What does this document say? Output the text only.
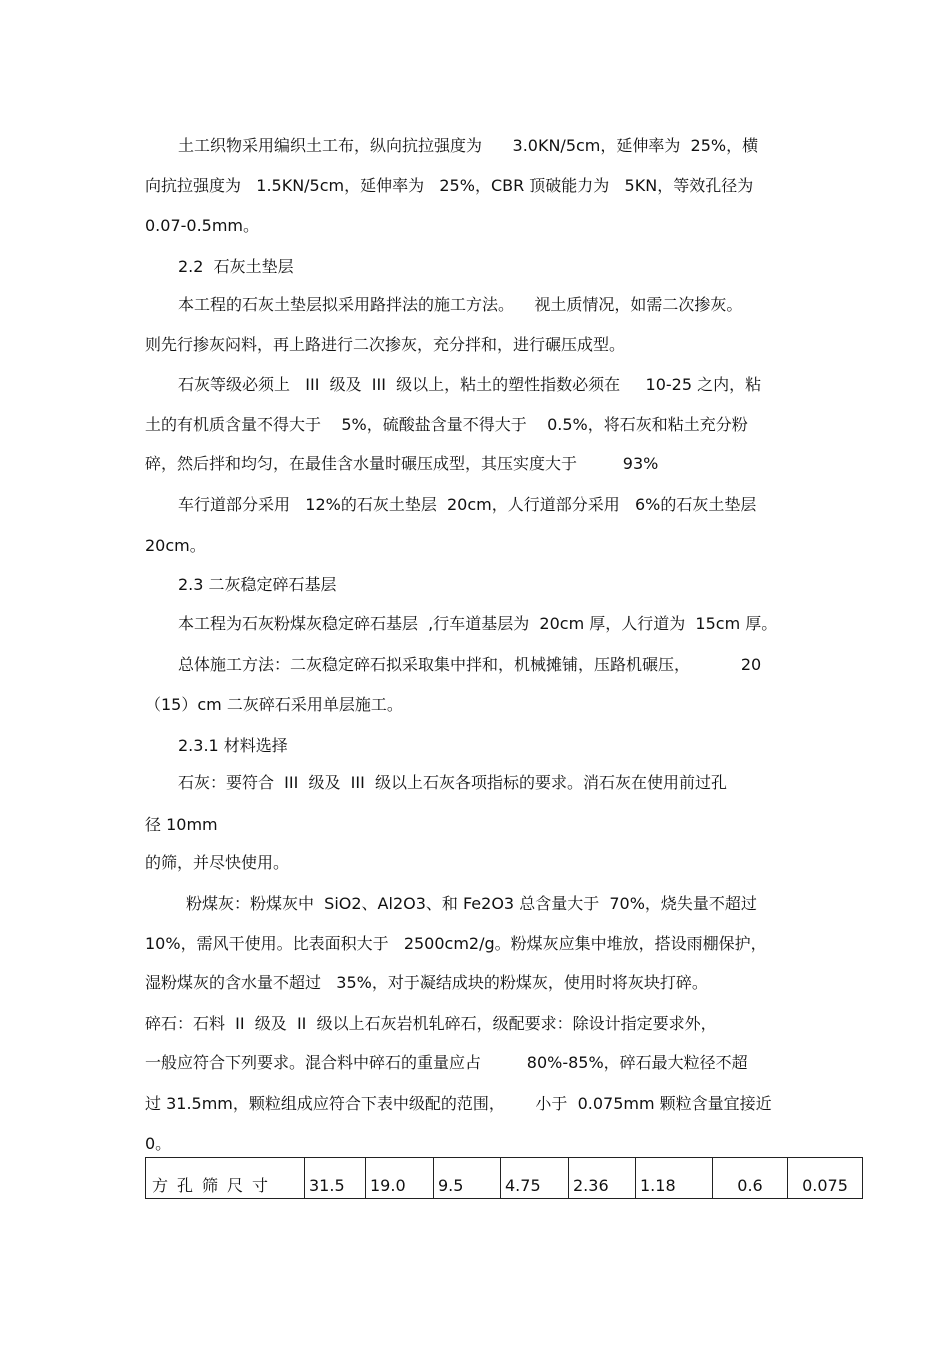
土工织物采用编织土工布，纵向抗拉强度为      3.0KN/5cm，延伸率为  25%，横
向抗拉强度为   1.5KN/5cm，延伸率为   25%，CBR 顶破能力为   5KN，等效孔径为
0.07-0.5mm。
2.2  石灰土垫层
本工程的石灰土垫层拟采用路拌法的施工方法。    视土质情况，如需二次掺灰。
则先行掺灰闷料，再上路进行二次掺灰，充分拌和，进行碾压成型。
石灰等级必须上   III  级及  III  级以上，粘土的塑性指数必须在     10-25 之内，粘
土的有机质含量不得大于    5%，硫酸盐含量不得大于    0.5%，将石灰和粘土充分粉
碎，然后拌和均匀，在最佳含水量时碾压成型，其压实度大于         93%
车行道部分采用   12%的石灰土垫层  20cm，人行道部分采用   6%的石灰土垫层
20cm。
2.3 二灰稳定碎石基层
本工程为石灰粉煤灰稳定碎石基层  ,行车道基层为  20cm 厚，人行道为  15cm 厚。
总体施工方法：二灰稳定碎石拟采取集中拌和，机械摊铺，压路机碾压，          20
（15）cm 二灰碎石采用单层施工。
2.3.1 材料选择
石灰：要符合  III  级及  III  级以上石灰各项指标的要求。消石灰在使用前过孔
径 10mm
的筛，并尽快使用。
粉煤灰：粉煤灰中  SiO2、Al2O3、和 Fe2O3 总含量大于  70%，烧失量不超过
10%，需风干使用。比表面积大于   2500cm2/g。粉煤灰应集中堆放，搭设雨棚保护，
湿粉煤灰的含水量不超过   35%，对于凝结成块的粉煤灰，使用时将灰块打碎。
碎石：石料  II  级及  II  级以上石灰岩机轧碎石，级配要求：除设计指定要求外，
一般应符合下列要求。混合料中碎石的重量应占         80%-85%，碎石最大粒径不超
过 31.5mm，颗粒组成应符合下表中级配的范围，      小于  0.075mm 颗粒含量宜接近
0。
方孔筛尺寸	31.5	19.0	9.5	4.75	2.36	1.18	0.6	0.075
